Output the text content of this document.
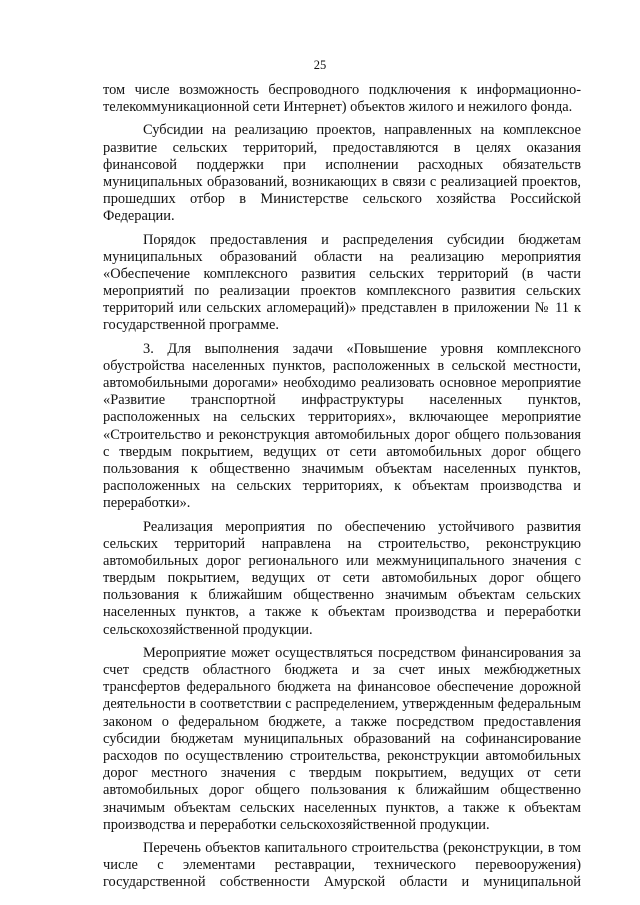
25
том числе возможность беспроводного подключения к информационно-
телекоммуникационной сети Интернет) объектов жилого и нежилого фонда.
Субсидии на реализацию проектов, направленных на комплексное
развитие сельских территорий, предоставляются в целях оказания
финансовой поддержки при исполнении расходных обязательств
муниципальных образований, возникающих в связи с реализацией проектов,
прошедших отбор в Министерстве сельского хозяйства Российской
Федерации.
Порядок предоставления и распределения субсидии бюджетам
муниципальных образований области на реализацию мероприятия
«Обеспечение комплексного развития сельских территорий (в части
мероприятий по реализации проектов комплексного развития сельских
территорий или сельских агломераций)» представлен в приложении № 11 к
государственной программе.
3. Для выполнения задачи «Повышение уровня комплексного
обустройства населенных пунктов, расположенных в сельской местности,
автомобильными дорогами» необходимо реализовать основное мероприятие
«Развитие транспортной инфраструктуры населенных пунктов,
расположенных на сельских территориях», включающее мероприятие
«Строительство и реконструкция автомобильных дорог общего пользования
с твердым покрытием, ведущих от сети автомобильных дорог общего
пользования к общественно значимым объектам населенных пунктов,
расположенных на сельских территориях, к объектам производства и
переработки».
Реализация мероприятия по обеспечению устойчивого развития
сельских территорий направлена на строительство, реконструкцию
автомобильных дорог регионального или межмуниципального значения с
твердым покрытием, ведущих от сети автомобильных дорог общего
пользования к ближайшим общественно значимым объектам сельских
населенных пунктов, а также к объектам производства и переработки
сельскохозяйственной продукции.
Мероприятие может осуществляться посредством финансирования за
счет средств областного бюджета и за счет иных межбюджетных
трансфертов федерального бюджета на финансовое обеспечение дорожной
деятельности в соответствии с распределением, утвержденным федеральным
законом о федеральном бюджете, а также посредством предоставления
субсидии бюджетам муниципальных образований на софинансирование
расходов по осуществлению строительства, реконструкции автомобильных
дорог местного значения с твердым покрытием, ведущих от сети
автомобильных дорог общего пользования к ближайшим общественно
значимым объектам сельских населенных пунктов, а также к объектам
производства и переработки сельскохозяйственной продукции.
Перечень объектов капитального строительства (реконструкции, в том
числе с элементами реставрации, технического перевооружения)
государственной собственности Амурской области и муниципальной
